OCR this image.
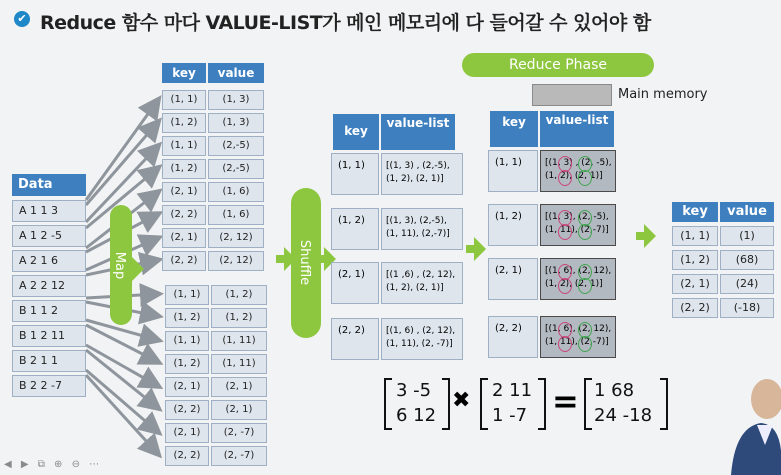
✔ Reduce 함수 마다 VALUE-LIST가 메인 메모리에 다 들어갈 수 있어야 함
Reduce Phase
Main memory
Map	Shuffle
Data
A 1 1 3
A 1 2 -5
A 2 1 6
A 2 2 12
B 1 1 2
B 1 2 11
B 2 1 1
B 2 2 -7
key	value
(1, 1)	(1, 3)
(1, 2)	(1, 3)
(1, 1)	(2,-5)
(1, 2)	(2,-5)
(2, 1)	(1, 6)
(2, 2)	(1, 6)
(2, 1)	(2, 12)
(2, 2)	(2, 12)
(1, 1)	(1, 2)
(1, 2)	(1, 2)
(1, 1)	(1, 11)
(1, 2)	(1, 11)
(2, 1)	(2, 1)
(2, 2)	(2, 1)
(2, 1)	(2, -7)
(2, 2)	(2, -7)
key
value-list
(1, 1)	[(1, 3) , (2,-5),
(1, 2), (2, 1)]
(1, 2)	[(1, 3), (2,-5),
(1, 11), (2,-7)]
(2, 1)	[(1 ,6) , (2, 12),
(1, 2), (2, 1)]
(2, 2)	[(1, 6) , (2, 12),
(1, 11), (2, -7)]
key	value-list
(1, 1)	[(1, 3) , (2, -5),
(1, 2), (2, 1)]
(1, 2)	[(1, 3), (2, -5),
(1, 11), (2,-7)]
(2, 1)	[(1, 6), (2, 12),
(1, 2), (2, 1)]
(2, 2)	[(1, 6), (2, 12),
(1, 11), (2,-7)]
key	value
(1, 1)	(1)
(1, 2)	(68)
(2, 1)	(24)
(2, 2)	(-18)
3 -5
6 12
✖ 2 11
1 -7 = 1 68
24 -18
◀ ▶ ⧉ ⊕ ⊖ ⋯
